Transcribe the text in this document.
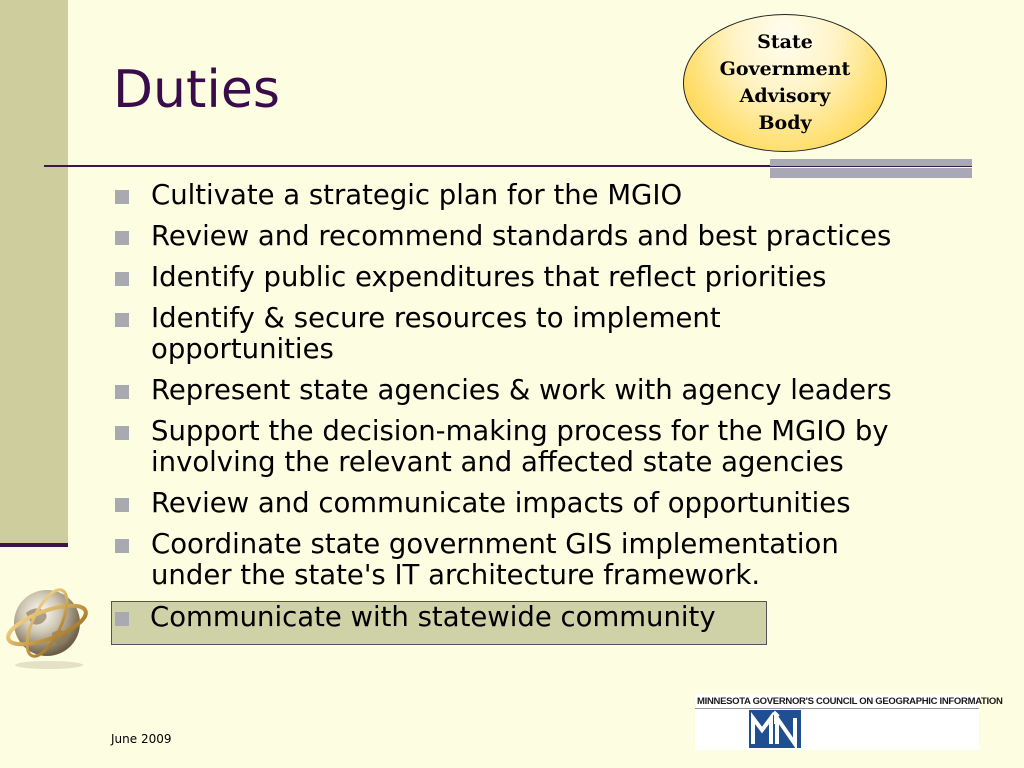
Duties
State
Government
Advisory
Body
Cultivate a strategic plan for the MGIO
Review and recommend standards and best practices
Identify public expenditures that reflect priorities
Identify & secure resources to implement opportunities
Represent state agencies & work with agency leaders
Support the decision-making process for the MGIO by involving the relevant and affected state agencies
Review and communicate impacts of opportunities
Coordinate state government GIS implementation under the state's IT architecture framework.
Communicate with statewide community
June 2009
MINNESOTA GOVERNOR'S COUNCIL ON GEOGRAPHIC INFORMATION
